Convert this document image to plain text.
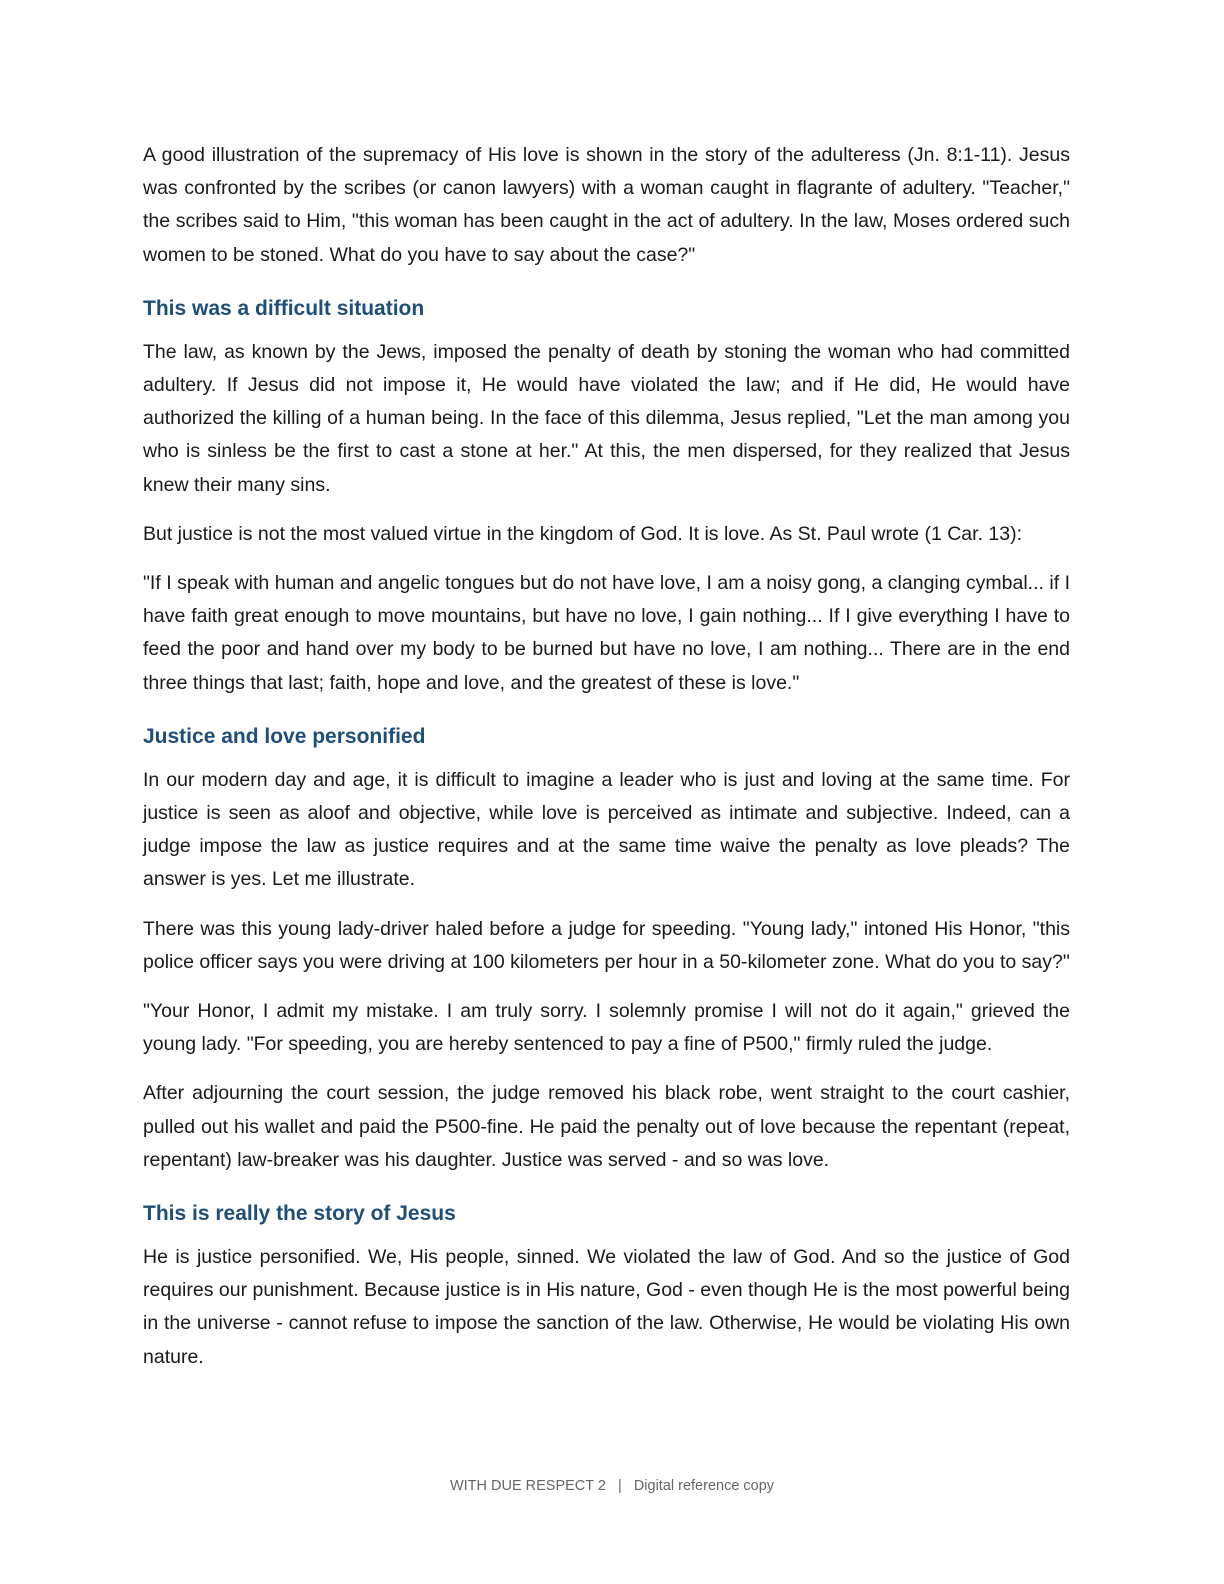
A good illustration of the supremacy of His love is shown in the story of the adulteress (Jn. 8:1-11). Jesus was confronted by the scribes (or canon lawyers) with a woman caught in flagrante of adultery. "Teacher," the scribes said to Him, "this woman has been caught in the act of adultery. In the law, Moses ordered such women to be stoned. What do you have to say about the case?"

This was a difficult situation

The law, as known by the Jews, imposed the penalty of death by stoning the woman who had committed adultery. If Jesus did not impose it, He would have violated the law; and if He did, He would have authorized the killing of a human being. In the face of this dilemma, Jesus replied, "Let the man among you who is sinless be the first to cast a stone at her." At this, the men dispersed, for they realized that Jesus knew their many sins.

But justice is not the most valued virtue in the kingdom of God. It is love. As St. Paul wrote (1 Car. 13):

"If I speak with human and angelic tongues but do not have love, I am a noisy gong, a clanging cymbal... if I have faith great enough to move mountains, but have no love, I gain nothing... If I give everything I have to feed the poor and hand over my body to be burned but have no love, I am nothing... There are in the end three things that last; faith, hope and love, and the greatest of these is love."

Justice and love personified

In our modern day and age, it is difficult to imagine a leader who is just and loving at the same time. For justice is seen as aloof and objective, while love is perceived as intimate and subjective. Indeed, can a judge impose the law as justice requires and at the same time waive the penalty as love pleads? The answer is yes. Let me illustrate.

There was this young lady-driver haled before a judge for speeding. "Young lady," intoned His Honor, "this police officer says you were driving at 100 kilometers per hour in a 50-kilometer zone. What do you to say?"

"Your Honor, I admit my mistake. I am truly sorry. I solemnly promise I will not do it again," grieved the young lady. "For speeding, you are hereby sentenced to pay a fine of P500," firmly ruled the judge.

After adjourning the court session, the judge removed his black robe, went straight to the court cashier, pulled out his wallet and paid the P500-fine. He paid the penalty out of love because the repentant (repeat, repentant) law-breaker was his daughter. Justice was served - and so was love.

This is really the story of Jesus

He is justice personified. We, His people, sinned. We violated the law of God. And so the justice of God requires our punishment. Because justice is in His nature, God - even though He is the most powerful being in the universe - cannot refuse to impose the sanction of the law. Otherwise, He would be violating His own nature.

WITH DUE RESPECT 2 | Digital reference copy
